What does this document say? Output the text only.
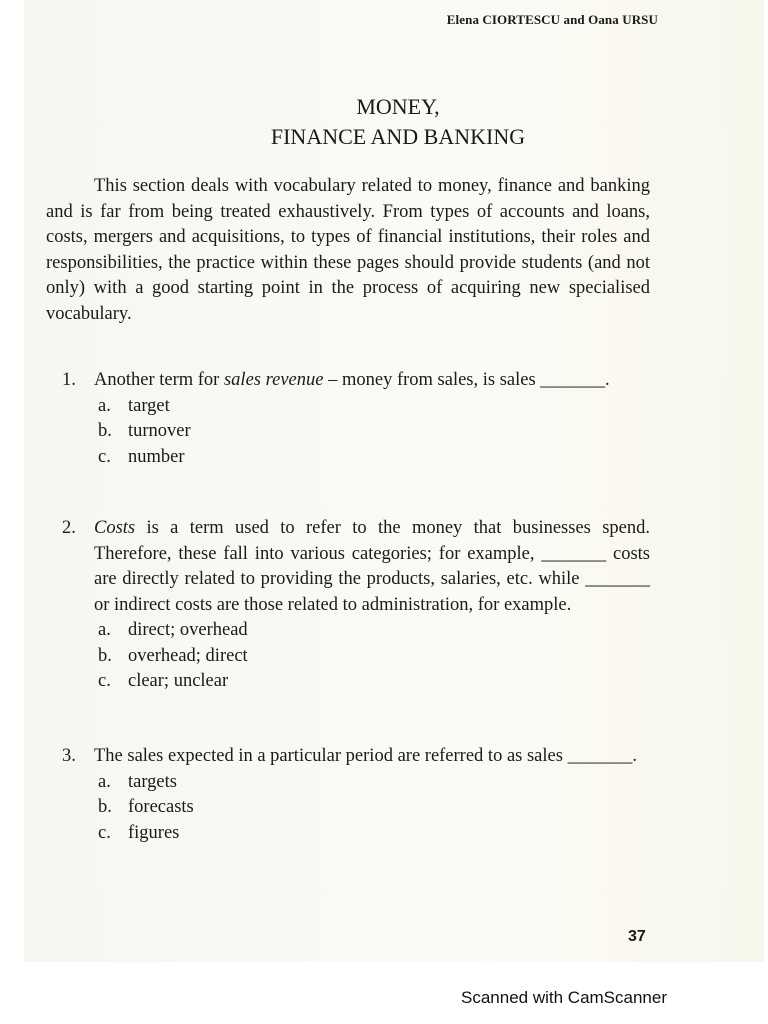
Elena CIORTESCU and Oana URSU
MONEY,
FINANCE AND BANKING

This section deals with vocabulary related to money, finance and banking and is far from being treated exhaustively. From types of accounts and loans, costs, mergers and acquisitions, to types of financial institutions, their roles and responsibilities, the practice within these pages should provide students (and not only) with a good starting point in the process of acquiring new specialised vocabulary.

1. Another term for sales revenue – money from sales, is sales _______.
a. target
b. turnover
c. number
2. Costs is a term used to refer to the money that businesses spend. Therefore, these fall into various categories; for example, _______ costs are directly related to providing the products, salaries, etc. while _______ or indirect costs are those related to administration, for example.
a. direct; overhead
b. overhead; direct
c. clear; unclear
3. The sales expected in a particular period are referred to as sales _______.
a. targets
b. forecasts
c. figures
37
Scanned with CamScanner
